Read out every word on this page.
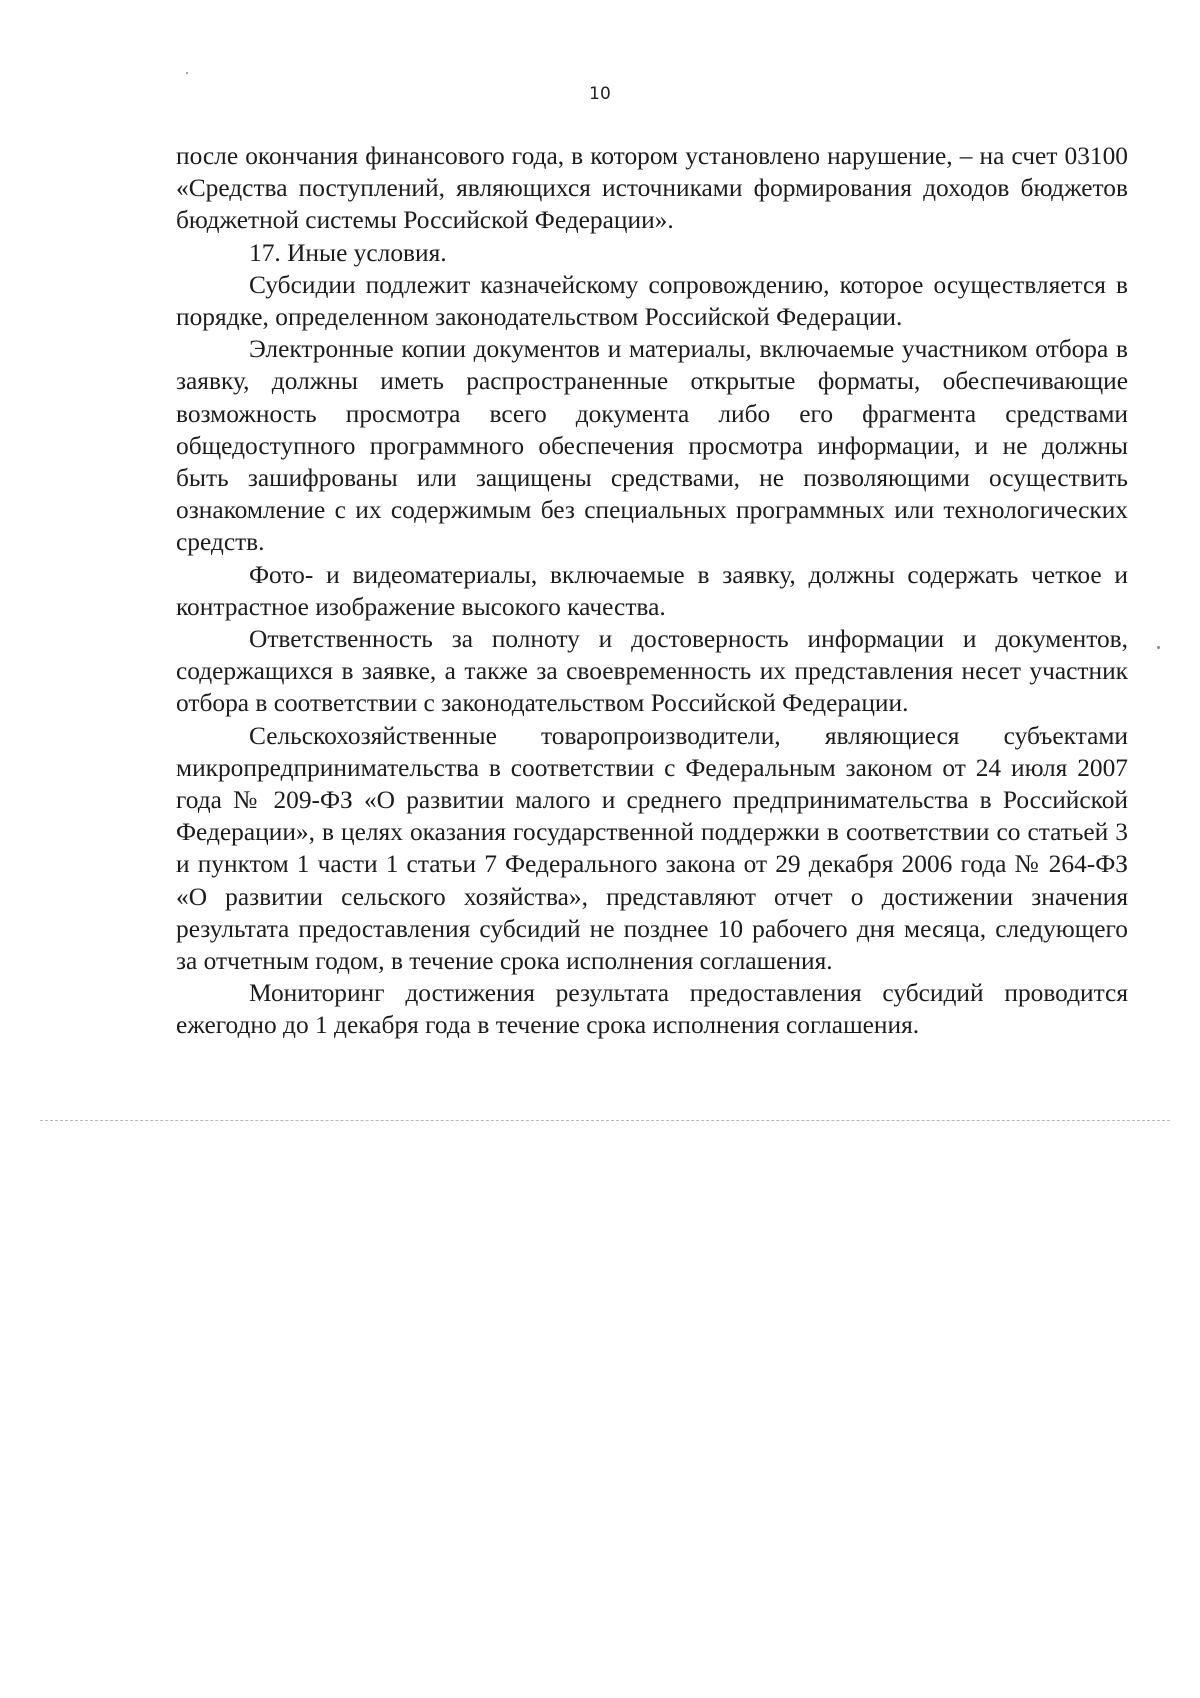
10

после окончания финансового года, в котором установлено нарушение, – на счет 03100 «Средства поступлений, являющихся источниками формирования доходов бюджетов бюджетной системы Российской Федерации».

17. Иные условия.

Субсидии подлежит казначейскому сопровождению, которое осуществляется в порядке, определенном законодательством Российской Федерации.

Электронные копии документов и материалы, включаемые участником отбора в заявку, должны иметь распространенные открытые форматы, обеспечивающие возможность просмотра всего документа либо его фрагмента средствами общедоступного программного обеспечения просмотра информации, и не должны быть зашифрованы или защищены средствами, не позволяющими осуществить ознакомление с их содержимым без специальных программных или технологических средств.

Фото- и видеоматериалы, включаемые в заявку, должны содержать четкое и контрастное изображение высокого качества.

Ответственность за полноту и достоверность информации и документов, содержащихся в заявке, а также за своевременность их представления несет участник отбора в соответствии с законодательством Российской Федерации.

Сельскохозяйственные товаропроизводители, являющиеся субъектами микропредпринимательства в соответствии с Федеральным законом от 24 июля 2007 года № 209-ФЗ «О развитии малого и среднего предпринимательства в Российской Федерации», в целях оказания государственной поддержки в соответствии со статьей 3 и пунктом 1 части 1 статьи 7 Федерального закона от 29 декабря 2006 года № 264-ФЗ «О развитии сельского хозяйства», представляют отчет о достижении значения результата предоставления субсидий не позднее 10 рабочего дня месяца, следующего за отчетным годом, в течение срока исполнения соглашения.

Мониторинг достижения результата предоставления субсидий проводится ежегодно до 1 декабря года в течение срока исполнения соглашения.
